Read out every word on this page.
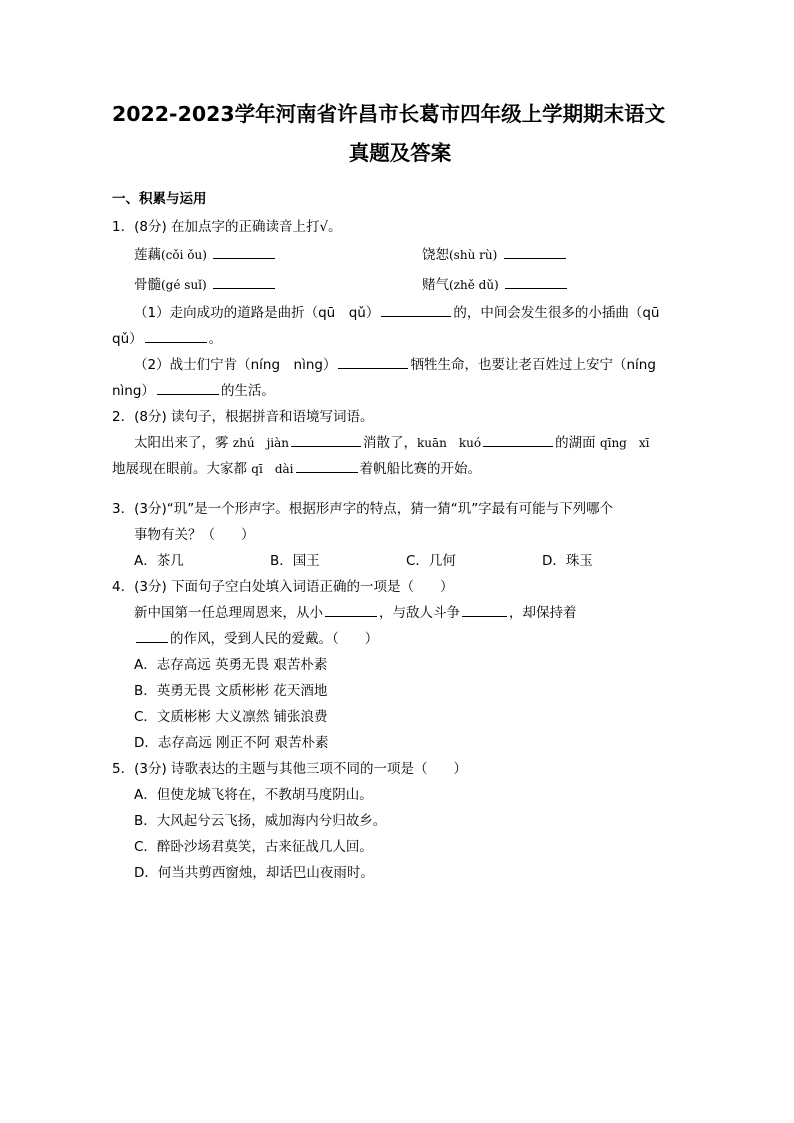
2022-2023学年河南省许昌市长葛市四年级上学期期末语文
真题及答案
一、积累与运用
1．(8分) 在加点字的正确读音上打√。
莲藕(cǒi ǒu)	饶恕(shù rù)
骨髓(gé suǐ)	赌气(zhě dǔ)
（1）走向成功的道路是曲折（qū　qǔ）	的，中间会发生很多的小插曲（qū
qǔ）	。
（2）战士们宁肯（níng　nìng）	牺牲生命，也要让老百姓过上安宁（níng
nìng）	的生活。
2．(8分) 读句子，根据拼音和语境写词语。
太阳出来了，雾 zhú　jiàn	消散了，kuān　kuó	的湖面 qīng　xī
地展现在眼前。大家都 qī　dài	着帆船比赛的开始。
3．(3分)“玑”是一个形声字。根据形声字的特点，猜一猜“玑”字最有可能与下列哪个
事物有关？（ ）
A．茶几	B．国王	C．几何	D．珠玉
4．(3分) 下面句子空白处填入词语正确的一项是（ ）
新中国第一任总理周恩来，从小	，与敌人斗争	，却保持着
的作风，受到人民的爱戴。（ ）
A．志存高远 英勇无畏 艰苦朴素
B．英勇无畏 文质彬彬 花天酒地
C．文质彬彬 大义凛然 铺张浪费
D．志存高远 刚正不阿 艰苦朴素
5．(3分) 诗歌表达的主题与其他三项不同的一项是（ ）
A．但使龙城飞将在，不教胡马度阴山。
B．大风起兮云飞扬，威加海内兮归故乡。
C．醉卧沙场君莫笑，古来征战几人回。
D．何当共剪西窗烛，却话巴山夜雨时。
